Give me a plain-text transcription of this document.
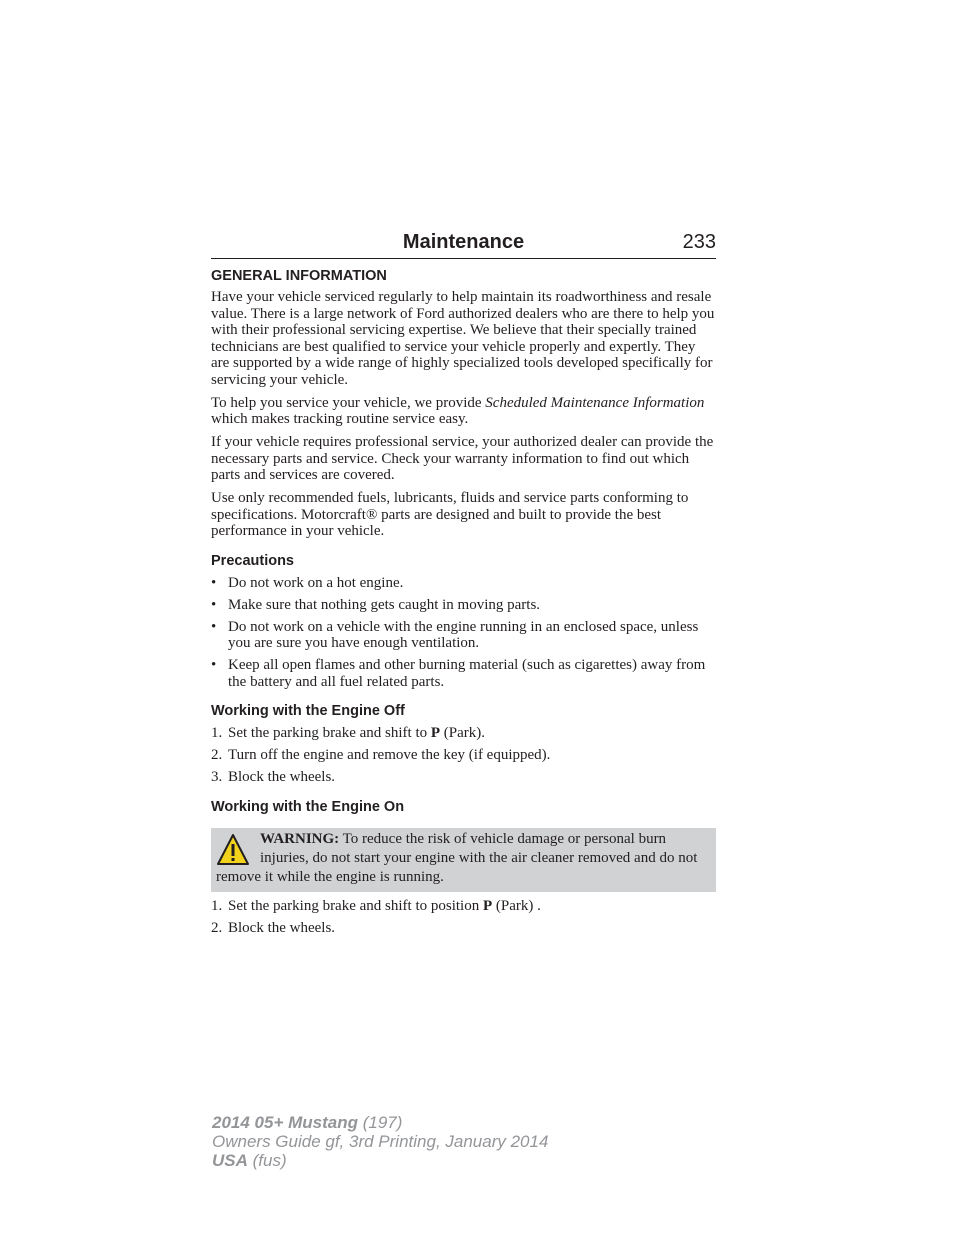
Maintenance	233
GENERAL INFORMATION

Have your vehicle serviced regularly to help maintain its roadworthiness and resale value. There is a large network of Ford authorized dealers who are there to help you with their professional servicing expertise. We believe that their specially trained technicians are best qualified to service your vehicle properly and expertly. They are supported by a wide range of highly specialized tools developed specifically for servicing your vehicle.

To help you service your vehicle, we provide Scheduled Maintenance Information which makes tracking routine service easy.

If your vehicle requires professional service, your authorized dealer can provide the necessary parts and service. Check your warranty information to find out which parts and services are covered.

Use only recommended fuels, lubricants, fluids and service parts conforming to specifications. Motorcraft® parts are designed and built to provide the best performance in your vehicle.

Precautions
• Do not work on a hot engine.
• Make sure that nothing gets caught in moving parts.
• Do not work on a vehicle with the engine running in an enclosed space, unless you are sure you have enough ventilation.
• Keep all open flames and other burning material (such as cigarettes) away from the battery and all fuel related parts.
Working with the Engine Off
1. Set the parking brake and shift to P (Park).
2. Turn off the engine and remove the key (if equipped).
3. Block the wheels.
Working with the Engine On
WARNING: To reduce the risk of vehicle damage or personal burn injuries, do not start your engine with the air cleaner removed and do not remove it while the engine is running.
1. Set the parking brake and shift to position P (Park) .
2. Block the wheels.
2014 05+ Mustang (197)
Owners Guide gf, 3rd Printing, January 2014
USA (fus)
